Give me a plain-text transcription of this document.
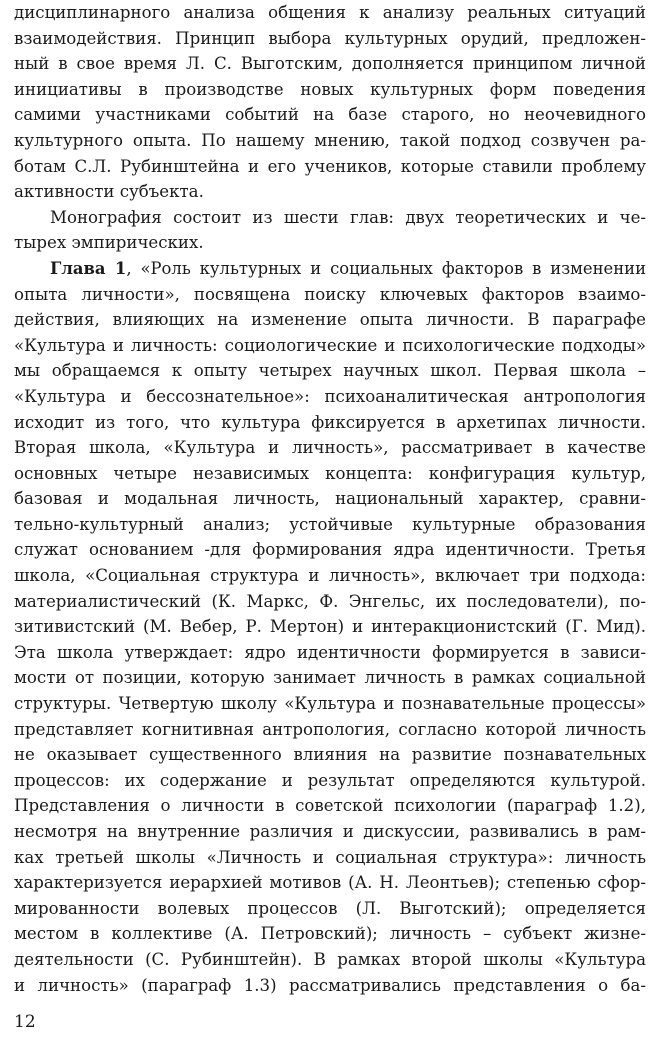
дисциплинарного анализа общения к анализу реальных ситуаций
взаимодействия. Принцип выбора культурных орудий, предложен-
ный в свое время Л. С. Выготским, дополняется принципом личной
инициативы в производстве новых культурных форм поведения
самими участниками событий на базе старого, но неочевидного
культурного опыта. По нашему мнению, такой подход созвучен ра-
ботам С.Л. Рубинштейна и его учеников, которые ставили проблему
активности субъекта.
Монография состоит из шести глав: двух теоретических и че-
тырех эмпирических.
Глава 1, «Роль культурных и социальных факторов в изменении
опыта личности», посвящена поиску ключевых факторов взаимо-
действия, влияющих на изменение опыта личности. В параграфе
«Культура и личность: социологические и психологические подходы»
мы обращаемся к опыту четырех научных школ. Первая школа –
«Культура и бессознательное»: психоаналитическая антропология
исходит из того, что культура фиксируется в архетипах личности.
Вторая школа, «Культура и личность», рассматривает в качестве
основных четыре независимых концепта: конфигурация культур,
базовая и модальная личность, национальный характер, сравни-
тельно-культурный анализ; устойчивые культурные образования
служат основанием -для формирования ядра идентичности. Третья
школа, «Социальная структура и личность», включает три подхода:
материалистический (К. Маркс, Ф. Энгельс, их последователи), по-
зитивистский (М. Вебер, Р. Мертон) и интеракционистский (Г. Мид).
Эта школа утверждает: ядро идентичности формируется в зависи-
мости от позиции, которую занимает личность в рамках социальной
структуры. Четвертую школу «Культура и познавательные процессы»
представляет когнитивная антропология, согласно которой личность
не оказывает существенного влияния на развитие познавательных
процессов: их содержание и результат определяются культурой.
Представления о личности в советской психологии (параграф 1.2),
несмотря на внутренние различия и дискуссии, развивались в рам-
ках третьей школы «Личность и социальная структура»: личность
характеризуется иерархией мотивов (А. Н. Леонтьев); степенью сфор-
мированности волевых процессов (Л. Выготский); определяется
местом в коллективе (А. Петровский); личность – субъект жизне-
деятельности (С. Рубинштейн). В рамках второй школы «Культура
и личность» (параграф 1.3) рассматривались представления о ба-
12
